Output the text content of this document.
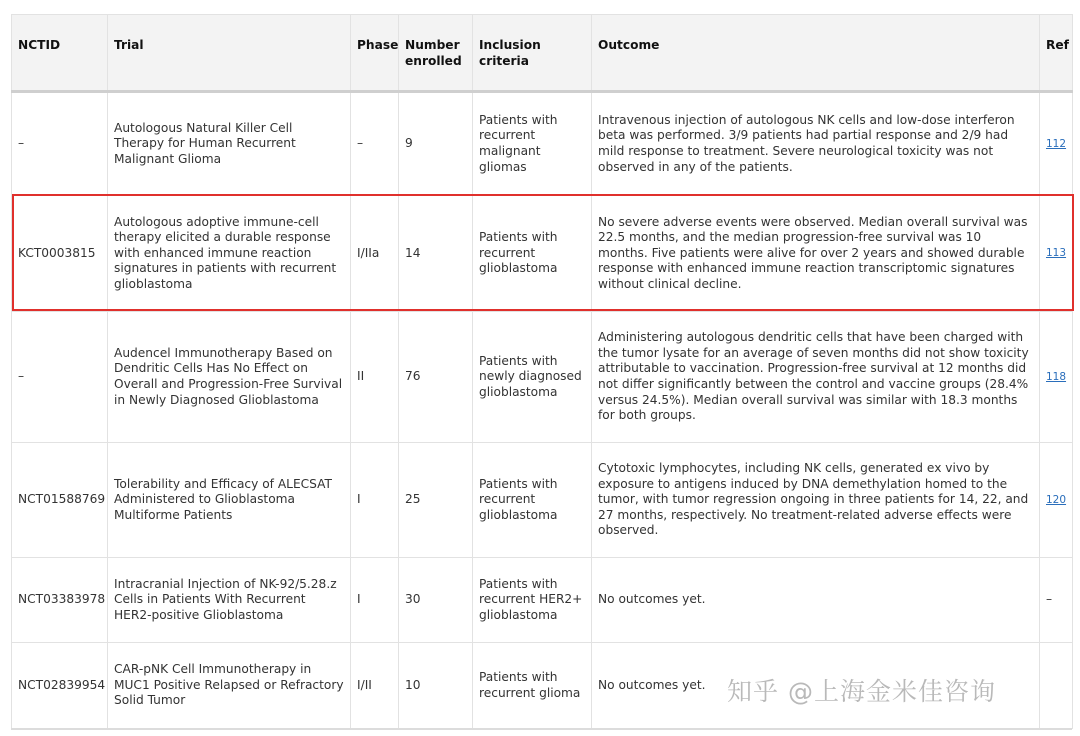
NCTID	Trial	Phase	Number enrolled	Inclusion criteria	Outcome	Ref
–	Autologous Natural Killer Cell Therapy for Human Recurrent Malignant Glioma	–	9	Patients with recurrent malignant gliomas	Intravenous injection of autologous NK cells and low-dose interferon beta was performed. 3/9 patients had partial response and 2/9 had mild response to treatment. Severe neurological toxicity was not observed in any of the patients.	112
KCT0003815	Autologous adoptive immune-cell therapy elicited a durable response with enhanced immune reaction signatures in patients with recurrent glioblastoma	I/IIa	14	Patients with recurrent glioblastoma	No severe adverse events were observed. Median overall survival was 22.5 months, and the median progression-free survival was 10 months. Five patients were alive for over 2 years and showed durable response with enhanced immune reaction transcriptomic signatures without clinical decline.	113
–	Audencel Immunotherapy Based on Dendritic Cells Has No Effect on Overall and Progression-Free Survival in Newly Diagnosed Glioblastoma	II	76	Patients with newly diagnosed glioblastoma	Administering autologous dendritic cells that have been charged with the tumor lysate for an average of seven months did not show toxicity attributable to vaccination. Progression-free survival at 12 months did not differ significantly between the control and vaccine groups (28.4% versus 24.5%). Median overall survival was similar with 18.3 months for both groups.	118
NCT01588769	Tolerability and Efficacy of ALECSAT Administered to Glioblastoma Multiforme Patients	I	25	Patients with recurrent glioblastoma	Cytotoxic lymphocytes, including NK cells, generated ex vivo by exposure to antigens induced by DNA demethylation homed to the tumor, with tumor regression ongoing in three patients for 14, 22, and 27 months, respectively. No treatment-related adverse effects were observed.	120
NCT03383978	Intracranial Injection of NK-92/5.28.z Cells in Patients With Recurrent HER2-positive Glioblastoma	I	30	Patients with recurrent HER2+ glioblastoma	No outcomes yet.	–
NCT02839954	CAR-pNK Cell Immunotherapy in MUC1 Positive Relapsed or Refractory Solid Tumor	I/II	10	Patients with recurrent glioma	No outcomes yet.	知乎 @上海金米佳咨询
